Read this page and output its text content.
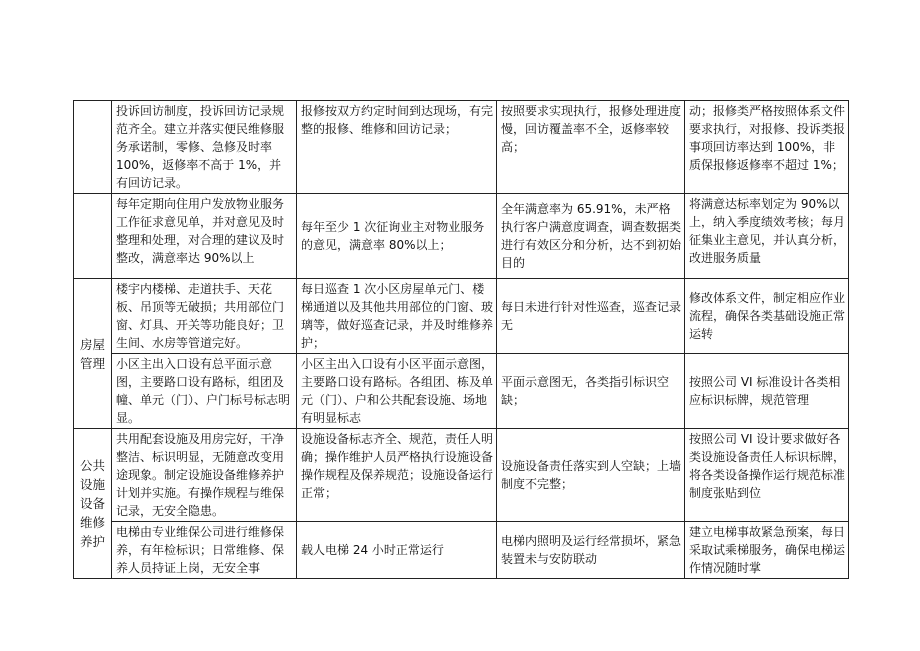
	投诉回访制度，投诉回访记录规范齐全。建立并落实便民维修服务承诺制，零修、急修及时率 100%，返修率不高于 1%，并有回访记录。	报修按双方约定时间到达现场，有完整的报修、维修和回访记录；	按照要求实现执行，报修处理进度慢，回访覆盖率不全，返修率较高；	动；报修类严格按照体系文件要求执行，对报修、投诉类报事项回访率达到 100%，非质保报修返修率不超过 1%；
	每年定期向住用户发放物业服务工作征求意见单，并对意见及时整理和处理，对合理的建议及时整改，满意率达 90%以上	每年至少 1 次征询业主对物业服务的意见，满意率 80%以上；	全年满意率为 65.91%，未严格执行客户满意度调查，调查数据类进行有效区分和分析，达不到初始目的	将满意达标率划定为 90%以上，纳入季度绩效考核；每月征集业主意见，并认真分析，改进服务质量
房屋管理	楼宇内楼梯、走道扶手、天花板、吊顶等无破损；共用部位门窗、灯具、开关等功能良好；卫生间、水房等管道完好。	每日巡查 1 次小区房屋单元门、楼梯通道以及其他共用部位的门窗、玻璃等，做好巡查记录，并及时维修养护；	每日未进行针对性巡查，巡查记录无	修改体系文件，制定相应作业流程，确保各类基础设施正常运转
	小区主出入口设有总平面示意图，主要路口设有路标，组团及幢、单元（门）、户门标号标志明显。	小区主出入口设有小区平面示意图，主要路口设有路标。各组团、栋及单元（门）、户和公共配套设施、场地有明显标志	平面示意图无，各类指引标识空缺；	按照公司 VI 标准设计各类相应标识标牌，规范管理
公共设施设备维修养护	共用配套设施及用房完好，干净整洁、标识明显，无随意改变用途现象。制定设施设备维修养护计划并实施。有操作规程与维保记录，无安全隐患。	设施设备标志齐全、规范，责任人明确；操作维护人员严格执行设施设备操作规程及保养规范；设施设备运行正常；	设施设备责任落实到人空缺；上墙制度不完整；	按照公司 VI 设计要求做好各类设施设备责任人标识标牌，将各类设备操作运行规范标准制度张贴到位
	电梯由专业维保公司进行维修保养，有年检标识；日常维修、保养人员持证上岗，无安全事	载人电梯 24 小时正常运行	电梯内照明及运行经常损坏，紧急装置未与安防联动	建立电梯事故紧急预案，每日采取试乘梯服务，确保电梯运作情况随时掌
